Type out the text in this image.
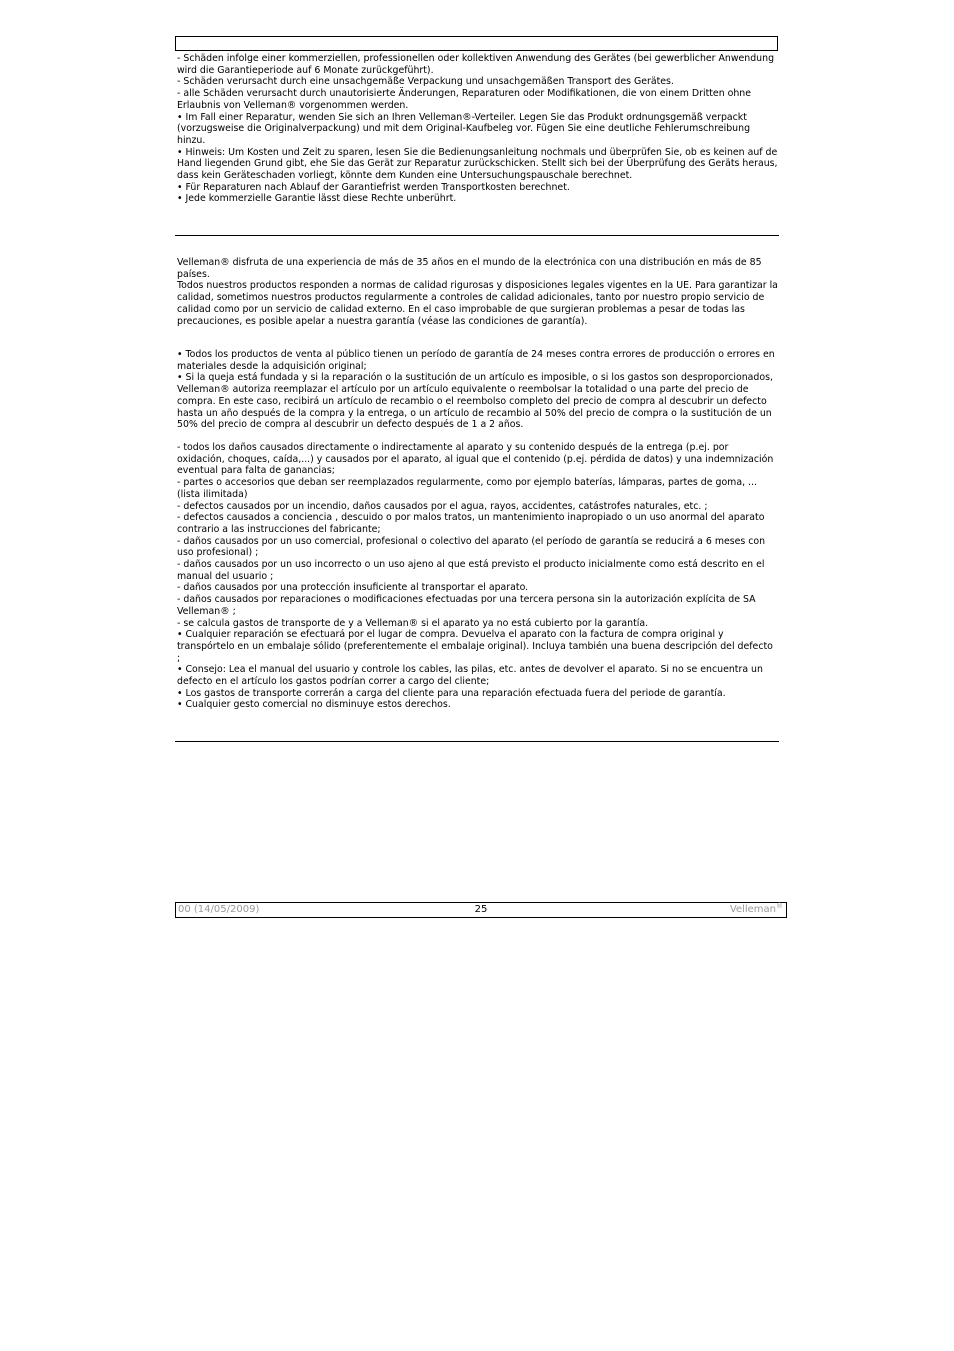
- Schäden infolge einer kommerziellen, professionellen oder kollektiven Anwendung des Gerätes (bei gewerblicher Anwendung wird die Garantieperiode auf 6 Monate zurückgeführt).

- Schäden verursacht durch eine unsachgemäße Verpackung und unsachgemäßen Transport des Gerätes.

- alle Schäden verursacht durch unautorisierte Änderungen, Reparaturen oder Modifikationen, die von einem Dritten ohne Erlaubnis von Velleman® vorgenommen werden.

• Im Fall einer Reparatur, wenden Sie sich an Ihren Velleman®-Verteiler. Legen Sie das Produkt ordnungsgemäß verpackt (vorzugsweise die Originalverpackung) und mit dem Original-Kaufbeleg vor. Fügen Sie eine deutliche Fehlerumschreibung hinzu.

• Hinweis: Um Kosten und Zeit zu sparen, lesen Sie die Bedienungsanleitung nochmals und überprüfen Sie, ob es keinen auf de Hand liegenden Grund gibt, ehe Sie das Gerät zur Reparatur zurückschicken. Stellt sich bei der Überprüfung des Geräts heraus, dass kein Geräteschaden vorliegt, könnte dem Kunden eine Untersuchungspauschale berechnet.

• Für Reparaturen nach Ablauf der Garantiefrist werden Transportkosten berechnet.

• Jede kommerzielle Garantie lässt diese Rechte unberührt.

Velleman® disfruta de una experiencia de más de 35 años en el mundo de la electrónica con una distribución en más de 85 países.

Todos nuestros productos responden a normas de calidad rigurosas y disposiciones legales vigentes en la UE. Para garantizar la calidad, sometimos nuestros productos regularmente a controles de calidad adicionales, tanto por nuestro propio servicio de calidad como por un servicio de calidad externo. En el caso improbable de que surgieran problemas a pesar de todas las precauciones, es posible apelar a nuestra garantía (véase las condiciones de garantía).

• Todos los productos de venta al público tienen un período de garantía de 24 meses contra errores de producción o errores en materiales desde la adquisición original;

• Si la queja está fundada y si la reparación o la sustitución de un artículo es imposible, o si los gastos son desproporcionados, Velleman® autoriza reemplazar el artículo por un artículo equivalente o reembolsar la totalidad o una parte del precio de compra. En este caso, recibirá un artículo de recambio o el reembolso completo del precio de compra al descubrir un defecto hasta un año después de la compra y la entrega, o un artículo de recambio al 50% del precio de compra o la sustitución de un 50% del precio de compra al descubrir un defecto después de 1 a 2 años.

- todos los daños causados directamente o indirectamente al aparato y su contenido después de la entrega (p.ej. por oxidación, choques, caída,...) y causados por el aparato, al igual que el contenido (p.ej. pérdida de datos) y una indemnización eventual para falta de ganancias;

- partes o accesorios que deban ser reemplazados regularmente, como por ejemplo baterías, lámparas, partes de goma, ... (lista ilimitada)

- defectos causados por un incendio, daños causados por el agua, rayos, accidentes, catástrofes naturales, etc. ;

- defectos causados a conciencia , descuido o por malos tratos, un mantenimiento inapropiado o un uso anormal del aparato contrario a las instrucciones del fabricante;

- daños causados por un uso comercial, profesional o colectivo del aparato (el período de garantía se reducirá a 6 meses con uso profesional) ;

- daños causados por un uso incorrecto o un uso ajeno al que está previsto el producto inicialmente como está descrito en el manual del usuario ;

- daños causados por una protección insuficiente al transportar el aparato.

- daños causados por reparaciones o modificaciones efectuadas por una tercera persona sin la autorización explícita de SA Velleman® ;

- se calcula gastos de transporte de y a Velleman® si el aparato ya no está cubierto por la garantía.

• Cualquier reparación se efectuará por el lugar de compra. Devuelva el aparato con la factura de compra original y transpórtelo en un embalaje sólido (preferentemente el embalaje original). Incluya también una buena descripción del defecto ;

• Consejo: Lea el manual del usuario y controle los cables, las pilas, etc. antes de devolver el aparato. Si no se encuentra un defecto en el artículo los gastos podrían correr a cargo del cliente;

• Los gastos de transporte correrán a carga del cliente para una reparación efectuada fuera del periode de garantía.

• Cualquier gesto comercial no disminuye estos derechos.

00 (14/05/2009)	25	Velleman®
